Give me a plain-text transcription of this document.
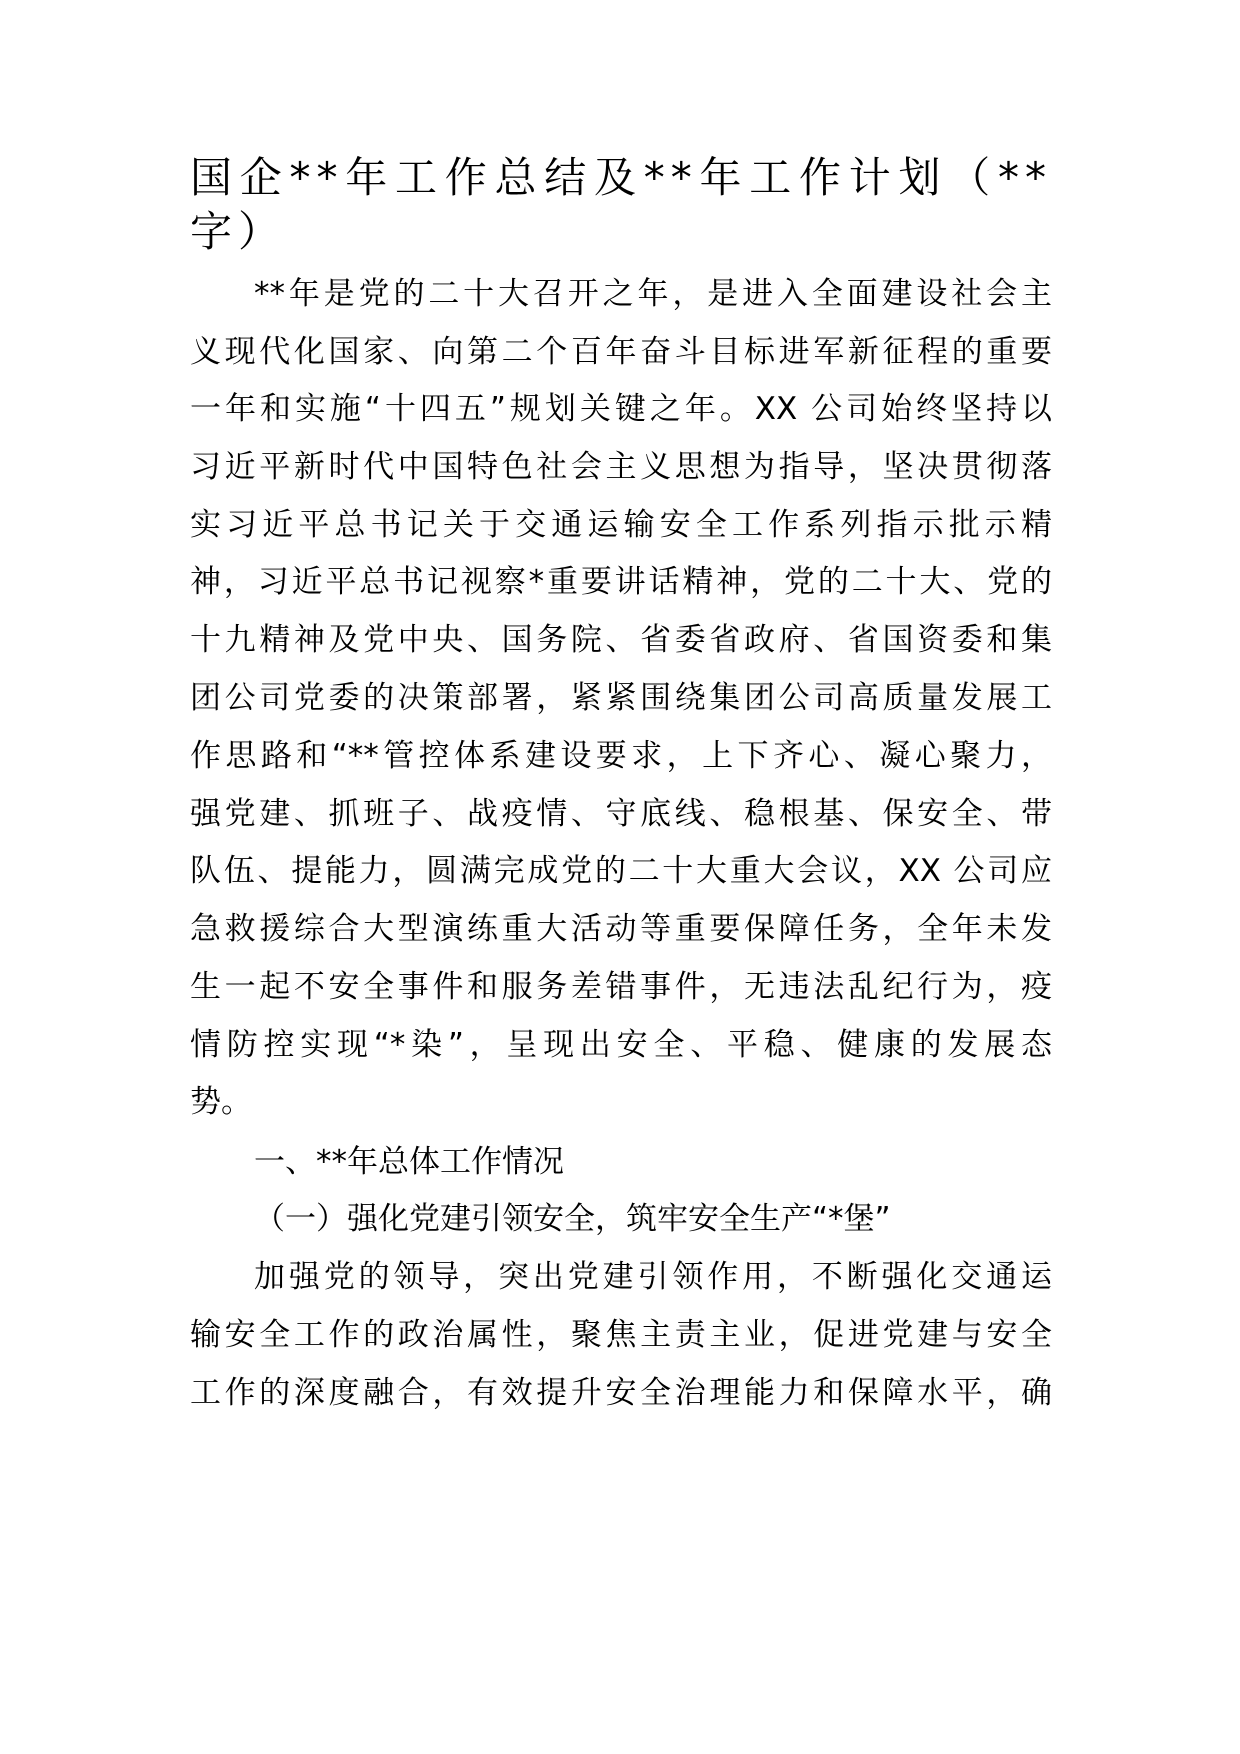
国企**年工作总结及**年工作计划（**
字）
**年是党的二十大召开之年，是进入全面建设社会主
义现代化国家、向第二个百年奋斗目标进军新征程的重要
一年和实施“十四五”规划关键之年。XX 公司始终坚持以
习近平新时代中国特色社会主义思想为指导，坚决贯彻落
实习近平总书记关于交通运输安全工作系列指示批示精
神，习近平总书记视察*重要讲话精神，党的二十大、党的
十九精神及党中央、国务院、省委省政府、省国资委和集
团公司党委的决策部署，紧紧围绕集团公司高质量发展工
作思路和“**管控体系建设要求，上下齐心、凝心聚力，
强党建、抓班子、战疫情、守底线、稳根基、保安全、带
队伍、提能力，圆满完成党的二十大重大会议，XX 公司应
急救援综合大型演练重大活动等重要保障任务，全年未发
生一起不安全事件和服务差错事件，无违法乱纪行为，疫
情防控实现“*染”，呈现出安全、平稳、健康的发展态
势。
一、**年总体工作情况
（一）强化党建引领安全，筑牢安全生产“*堡”
加强党的领导，突出党建引领作用，不断强化交通运
输安全工作的政治属性，聚焦主责主业，促进党建与安全
工作的深度融合，有效提升安全治理能力和保障水平，确
